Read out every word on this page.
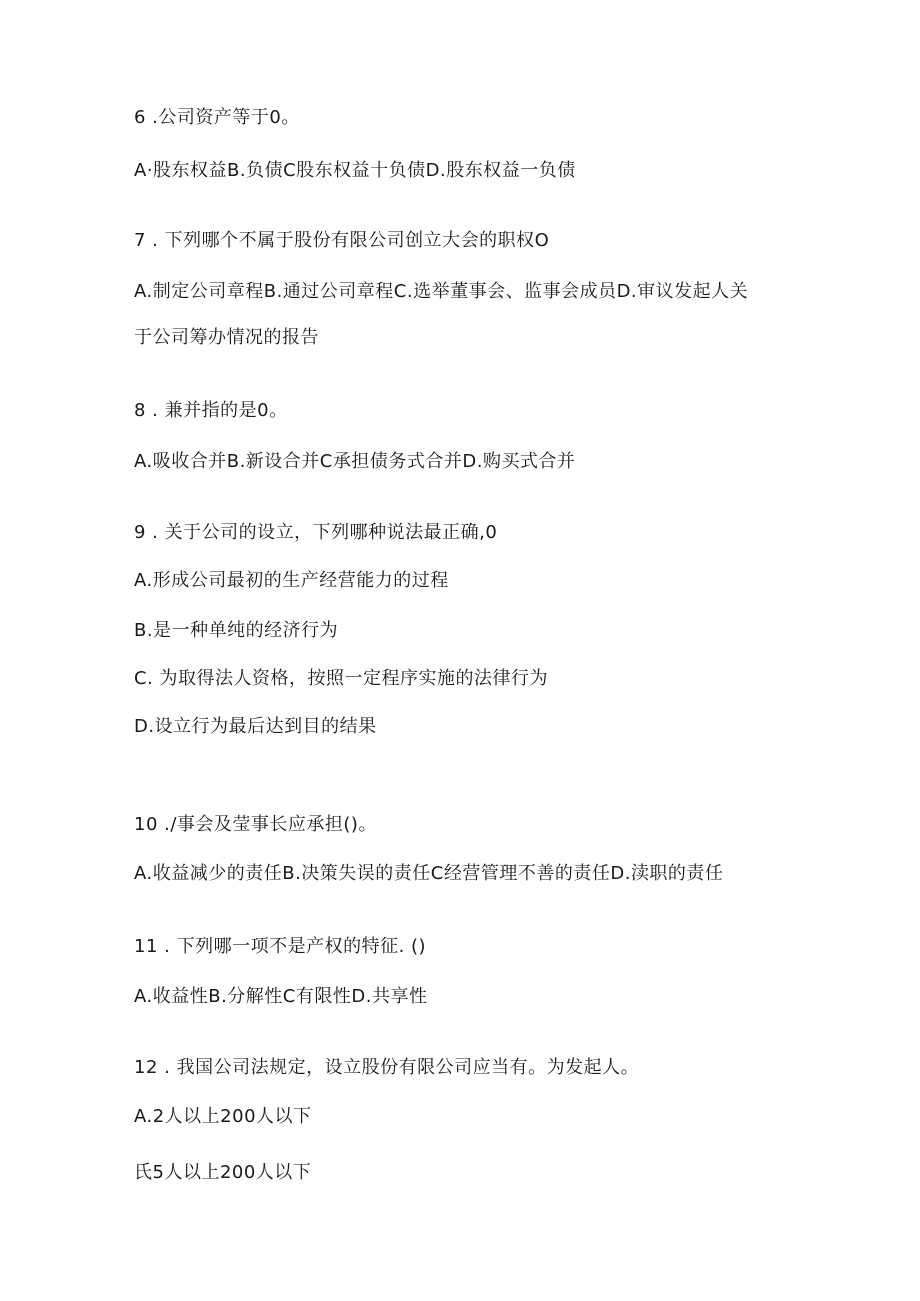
6 .公司资产等于0。
A·股东权益B.负债C股东权益十负债D.股东权益一负债
7 . 下列哪个不属于股份有限公司创立大会的职权O
A.制定公司章程B.通过公司章程C.选举董事会、监事会成员D.审议发起人关
于公司筹办情况的报告
8 . 兼并指的是0。
A.吸收合并B.新设合并C承担债务式合并D.购买式合并
9 . 关于公司的设立，下列哪种说法最正确,0
A.形成公司最初的生产经营能力的过程
B.是一种单纯的经济行为
C. 为取得法人资格，按照一定程序实施的法律行为
D.设立行为最后达到目的结果
10 ./事会及莹事长应承担()。
A.收益减少的责任B.决策失误的责任C经营管理不善的责任D.渎职的责任
11 . 下列哪一项不是产权的特征. ()
A.收益性B.分解性C有限性D.共享性
12 . 我国公司法规定，设立股份有限公司应当有。为发起人。
A.2人以上200人以下
氏5人以上200人以下
